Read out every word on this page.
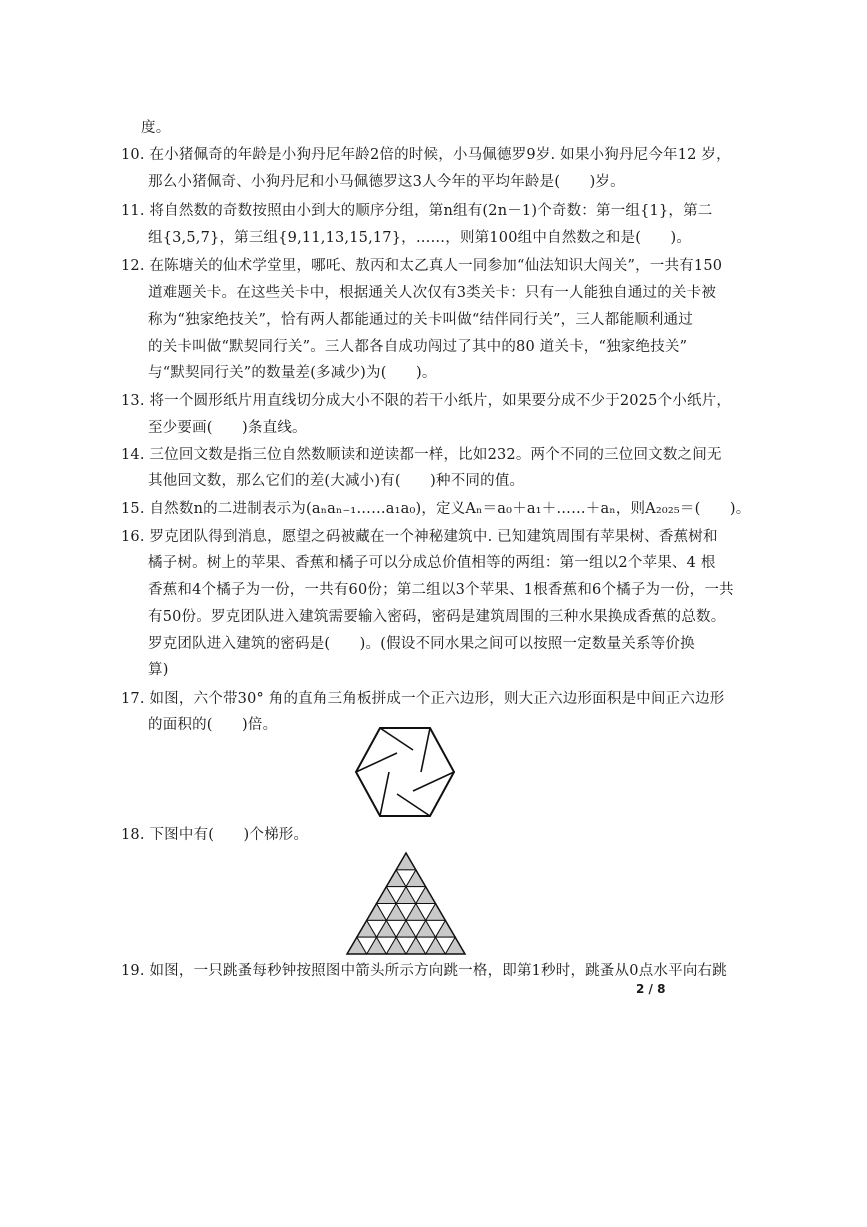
度。
10. 在小猪佩奇的年龄是小狗丹尼年龄2倍的时候，小马佩德罗9岁. 如果小狗丹尼今年12 岁，
那么小猪佩奇、小狗丹尼和小马佩德罗这3人今年的平均年龄是(　　)岁。
11. 将自然数的奇数按照由小到大的顺序分组，第n组有(2n－1)个奇数：第一组{1}，第二
组{3,5,7}，第三组{9,11,13,15,17}，……，则第100组中自然数之和是(　　)。
12. 在陈塘关的仙术学堂里，哪吒、敖丙和太乙真人一同参加“仙法知识大闯关”，一共有150
道难题关卡。在这些关卡中，根据通关人次仅有3类关卡：只有一人能独自通过的关卡被
称为“独家绝技关”，恰有两人都能通过的关卡叫做“结伴同行关”，三人都能顺利通过
的关卡叫做“默契同行关”。三人都各自成功闯过了其中的80 道关卡，“独家绝技关”
与“默契同行关”的数量差(多减少)为(　　)。
13. 将一个圆形纸片用直线切分成大小不限的若干小纸片，如果要分成不少于2025个小纸片，
至少要画(　　)条直线。
14. 三位回文数是指三位自然数顺读和逆读都一样，比如232。两个不同的三位回文数之间无
其他回文数，那么它们的差(大减小)有(　　)种不同的值。
15. 自然数n的二进制表示为(aₙaₙ₋₁……a₁a₀)，定义Aₙ＝a₀＋a₁＋……＋aₙ，则A₂₀₂₅＝(　　)。
16. 罗克团队得到消息，愿望之码被藏在一个神秘建筑中. 已知建筑周围有苹果树、香蕉树和
橘子树。树上的苹果、香蕉和橘子可以分成总价值相等的两组：第一组以2个苹果、4 根
香蕉和4个橘子为一份，一共有60份；第二组以3个苹果、1根香蕉和6个橘子为一份，一共
有50份。罗克团队进入建筑需要输入密码，密码是建筑周围的三种水果换成香蕉的总数。
罗克团队进入建筑的密码是(　　)。(假设不同水果之间可以按照一定数量关系等价换
算)
17. 如图，六个带30° 角的直角三角板拼成一个正六边形，则大正六边形面积是中间正六边形
的面积的(　　)倍。
18. 下图中有(　　)个梯形。
19. 如图，一只跳蚤每秒钟按照图中箭头所示方向跳一格，即第1秒时，跳蚤从0点水平向右跳
2 / 8
